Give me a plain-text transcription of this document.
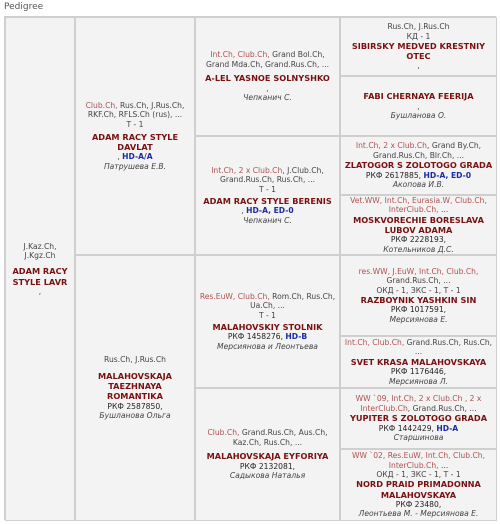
Pedigree
J.Kaz.Ch, J.Kgz.Ch
ADAM RACY STYLE LAVR
,
Club.Ch, Rus.Ch, J.Rus.Ch, RKF.Ch, RFLS.Ch (rus), ...
T - 1
ADAM RACY STYLE DAVLAT
, HD-A/A
Патрушева Е.В.
Rus.Ch, J.Rus.Ch
MALAHOVSKAJA TAEZHNAYA ROMANTIKA
РКФ 2587850,
Бушланова Ольга
Int.Ch, Club.Ch, Grand Bol.Ch, Grand Mda.Ch, Grand.Rus.Ch, ...
A-LEL YASNOE SOLNYSHKO
,
Чепканич С.
Int.Ch, 2 x Club.Ch, J.Club.Ch, Grand.Rus.Ch, Rus.Ch, ...
T - 1
ADAM RACY STYLE BERENIS
, HD-A, ED-0
Чепканич С.
Res.EuW, Club.Ch, Rom.Ch, Rus.Ch, Ua.Ch, ...
T - 1
MALAHOVSKIY STOLNIK
РКФ 1458276, HD-B
Мерсиянова и Леонтьева
Club.Ch, Grand.Rus.Ch, Aus.Ch, Kaz.Ch, Rus.Ch, ...
MALAHOVSKAJA EYFORIYA
РКФ 2132081,
Садыкова Наталья
Rus.Ch, J.Rus.Ch
КД - 1
SIBIRSKY MEDVED KRESTNIY OTEC
,
FABI CHERNAYA FEERIJA
,
Бушланова О.
Int.Ch, 2 x Club.Ch, Grand By.Ch, Grand.Rus.Ch, Blr.Ch, ...
ZLATOGOR S ZOLOTOGO GRADA
РКФ 2617885, HD-A, ED-0
Акопова И.В.
Vet.WW, Int.Ch, Eurasia.W, Club.Ch, InterClub.Ch, ...
MOSKVORECHIE BORESLAVA LUBOV ADAMA
РКФ 2228193,
Котельников Д.С.
res.WW, J.EuW, Int.Ch, Club.Ch, Grand.Rus.Ch, ...
ОКД - 1, ЗКС - 1, Т - 1
RAZBOYNIK YASHKIN SIN
РКФ 1017591,
Мерсиянова Е.
Int.Ch, Club.Ch, Grand.Rus.Ch, Rus.Ch, ...
SVET KRASA MALAHOVSKAYA
РКФ 1176446,
Мерсиянова Л.
WW `09, Int.Ch, 2 x Club.Ch , 2 x InterClub.Ch, Grand.Rus.Ch, ...
YUPITER S ZOLOTOGO GRADA
РКФ 1442429, HD-A
Старшинова
WW `02, Res.EuW, Int.Ch, Club.Ch, InterClub.Ch, ...
ОКД - 1, ЗКС - 1, Т - 1
NORD PRAID PRIMADONNA MALAHOVSKAYA
РКФ 23480,
Леонтьева М. - Мерсиянова Е.
